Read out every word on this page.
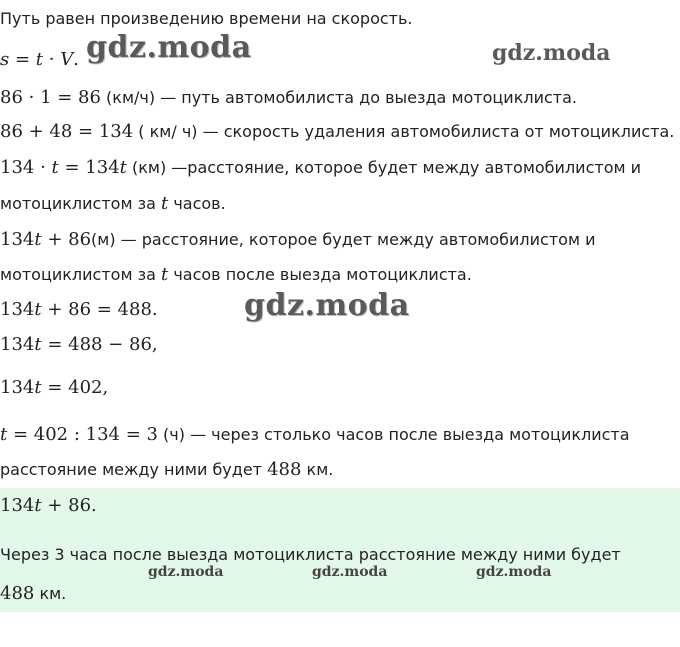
Путь равен произведению времени на скорость.
s = t · V.
86 · 1 = 86 (км/ч) — путь автомобилиста до выезда мотоциклиста.
86 + 48 = 134 ( км/ ч) — скорость удаления автомобилиста от мотоциклиста.
134 · t = 134t (км) —расстояние, которое будет между автомобилистом и
мотоциклистом за t часов.
134t + 86(м) — расстояние, которое будет между автомобилистом и
мотоциклистом за t часов после выезда мотоциклиста.
134t + 86 = 488.
134t = 488 − 86,
134t = 402,
t = 402 : 134 = 3 (ч) — через столько часов после выезда мотоциклиста
расстояние между ними будет 488 км.
134t + 86.
Через 3 часа после выезда мотоциклиста расстояние между ними будет
488 км.
gdz.moda	gdz.moda
gdz.moda
gdz.moda	gdz.moda	gdz.moda
